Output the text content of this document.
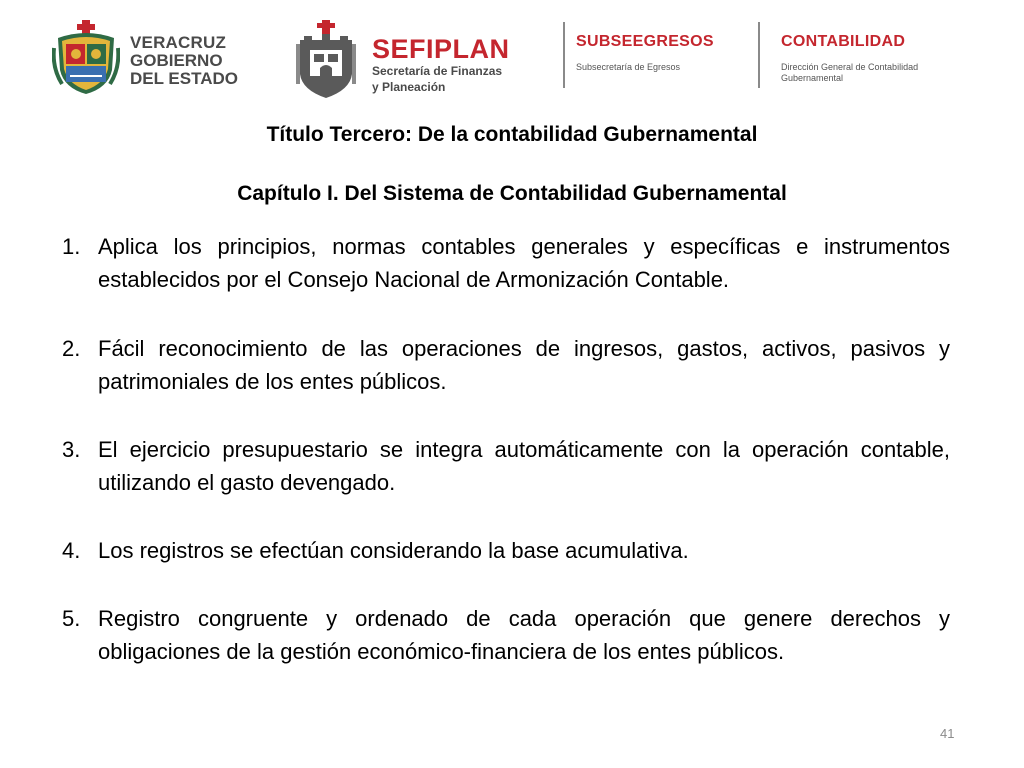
VERACRUZ
GOBIERNO
DEL ESTADO
SEFIPLAN
Secretaría de Finanzas
y Planeación
SUBSEEGRESOS
Subsecretaría de Egresos
CONTABILIDAD
Dirección General de Contabilidad
Gubernamental
Título Tercero: De la contabilidad Gubernamental
Capítulo I. Del Sistema de Contabilidad Gubernamental
1. Aplica los principios, normas contables generales y específicas e instrumentos establecidos por el Consejo Nacional de Armonización Contable.
2. Fácil reconocimiento de las operaciones de ingresos, gastos, activos, pasivos y patrimoniales de los entes públicos.
3. El ejercicio presupuestario se integra automáticamente con la operación contable, utilizando el gasto devengado.
4. Los registros se efectúan considerando la base acumulativa.
5. Registro congruente y ordenado de cada operación que genere derechos y obligaciones de la gestión económico-financiera de los entes públicos.
41
